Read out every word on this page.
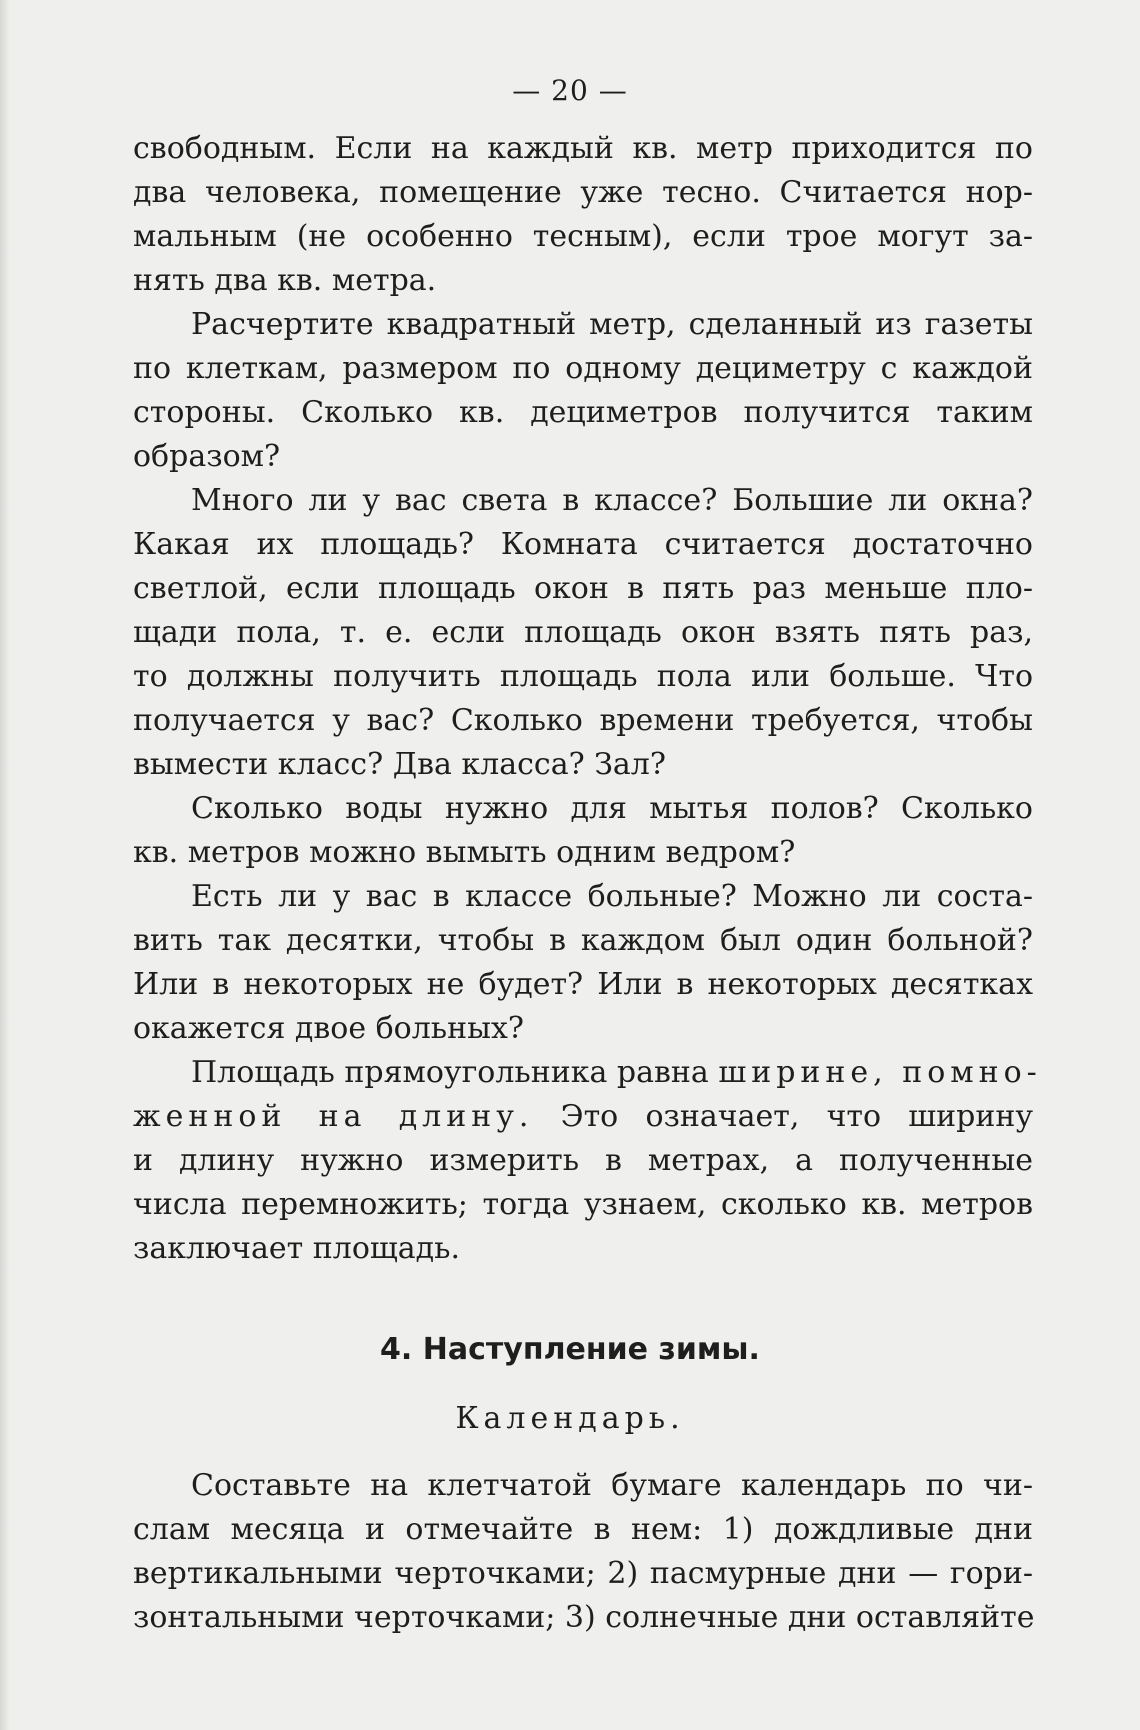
— 20 —
свободным. Если на каждый кв. метр приходится по
два человека, помещение уже тесно. Считается нор-
мальным (не особенно тесным), если трое могут за-
нять два кв. метра.
Расчертите квадратный метр, сделанный из газеты
по клеткам, размером по одному дециметру с каждой
стороны. Сколько кв. дециметров получится таким
образом?
Много ли у вас света в классе? Большие ли окна?
Какая их площадь? Комната считается достаточно
светлой, если площадь окон в пять раз меньше пло-
щади пола, т. е. если площадь окон взять пять раз,
то должны получить площадь пола или больше. Что
получается у вас? Сколько времени требуется, чтобы
вымести класс? Два класса? Зал?
Сколько воды нужно для мытья полов? Сколько
кв. метров можно вымыть одним ведром?
Есть ли у вас в классе больные? Можно ли соста-
вить так десятки, чтобы в каждом был один больной?
Или в некоторых не будет? Или в некоторых десятках
окажется двое больных?
Площадь прямоугольника равна ширине, помно-
женной на длину. Это означает, что ширину
и длину нужно измерить в метрах, а полученные
числа перемножить; тогда узнаем, сколько кв. метров
заключает площадь.
4. Наступление зимы.
Календарь.
Составьте на клетчатой бумаге календарь по чи-
слам месяца и отмечайте в нем: 1) дождливые дни
вертикальными черточками; 2) пасмурные дни — гори-
зонтальными черточками; 3) солнечные дни оставляйте
